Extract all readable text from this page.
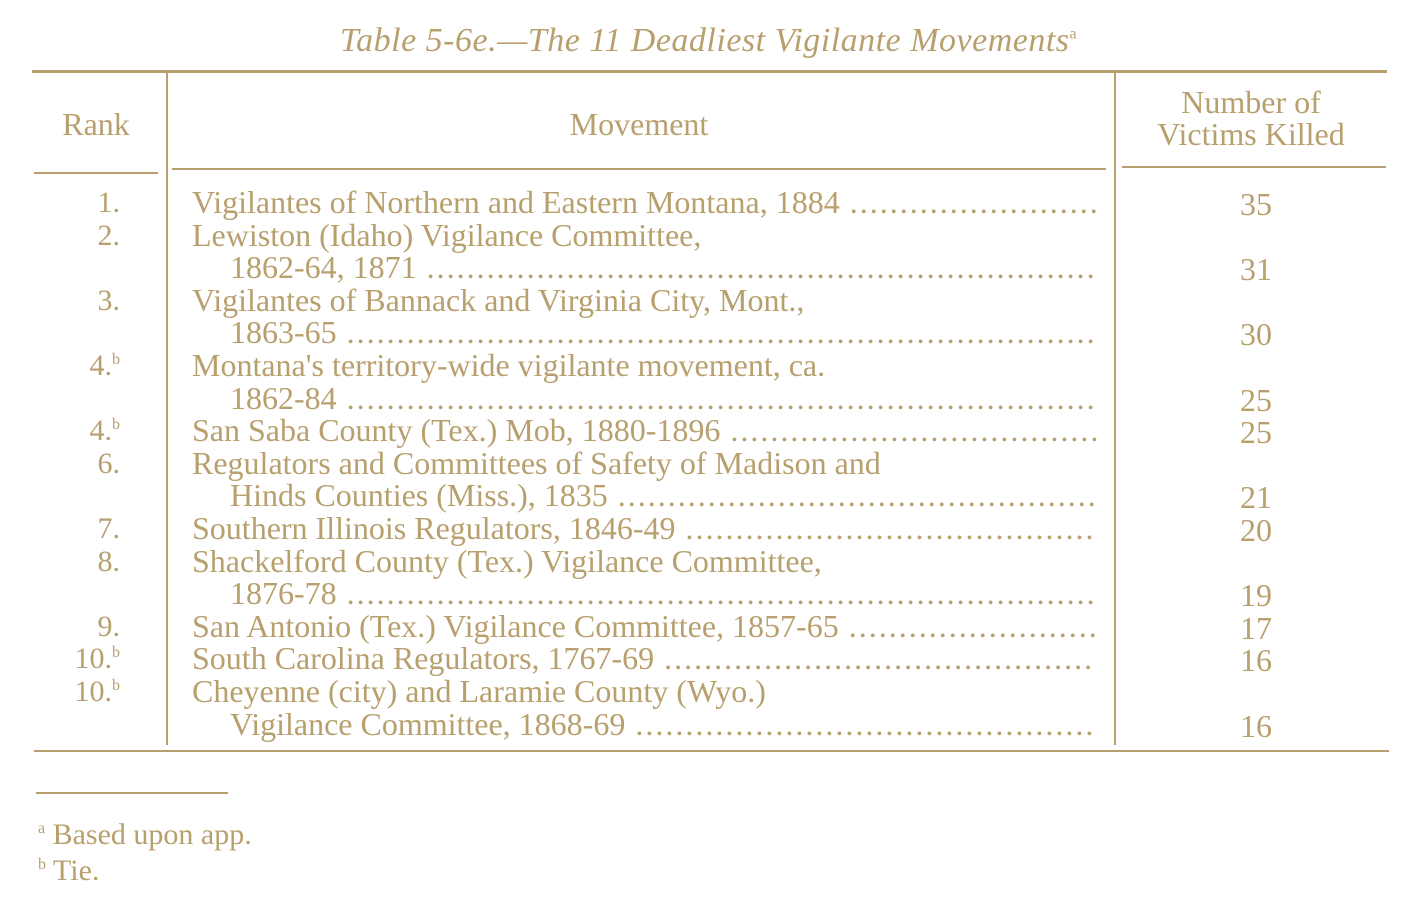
Table 5-6e.—The 11 Deadliest Vigilante Movements$^a$
Rank	Movement
Number of
Victims Killed
1. Vigilantes of Northern and Eastern Montana, 1884 .........................	35
2. Lewiston (Idaho) Vigilance Committee,
1862-64, 1871 ...................................................................	31
3. Vigilantes of Bannack and Virginia City, Mont.,
1863-65 ...........................................................................	30
4.$^b$ Montana's territory-wide vigilante movement, ca.
1862-84 ...........................................................................	25
4.$^b$ San Saba County (Tex.) Mob, 1880-1896 .....................................	25
6. Regulators and Committees of Safety of Madison and
Hinds Counties (Miss.), 1835 ................................................	21
7. Southern Illinois Regulators, 1846-49 .........................................	20
8. Shackelford County (Tex.) Vigilance Committee,
1876-78 ...........................................................................	19
9. San Antonio (Tex.) Vigilance Committee, 1857-65 .........................	17
10.$^b$ South Carolina Regulators, 1767-69 ...........................................	16
10.$^b$ Cheyenne (city) and Laramie County (Wyo.)
Vigilance Committee, 1868-69 ..............................................	16
$^a$ Based upon app.
$^b$ Tie.
